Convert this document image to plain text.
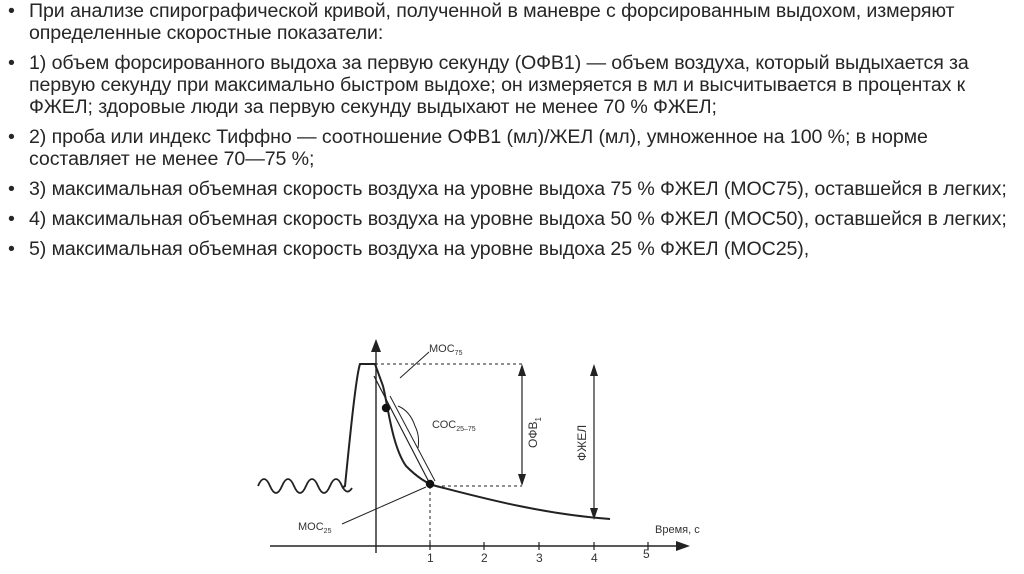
• При анализе спирографической кривой, полученной в маневре с форсированным выдохом, измеряют определенные скоростные показатели:
• 1) объем форсированного выдоха за первую секунду (ОФВ1) — объем воздуха, который выдыхается за первую секунду при максимально быстром выдохе; он измеряется в мл и высчитывается в процентах к ФЖЕЛ; здоровые люди за первую секунду выдыхают не менее 70 % ФЖЕЛ;
• 2) проба или индекс Тиффно — соотношение ОФВ1 (мл)/ЖЕЛ (мл), умноженное на 100 %; в норме составляет не менее 70—75 %;
• 3) максимальная объемная скорость воздуха на уровне выдоха 75 % ФЖЕЛ (МОС75), оставшейся в легких;
• 4) максимальная объемная скорость воздуха на уровне выдоха 50 % ФЖЕЛ (МОС50), оставшейся в легких;
• 5) максимальная объемная скорость воздуха на уровне выдоха 25 % ФЖЕЛ (МОС25),
1	2	3	4	5
Время, с
$ОФВ_1$
ФЖЕЛ
$МОС_{75}$
$СОС_{25-75}$
$МОС_{25}$
